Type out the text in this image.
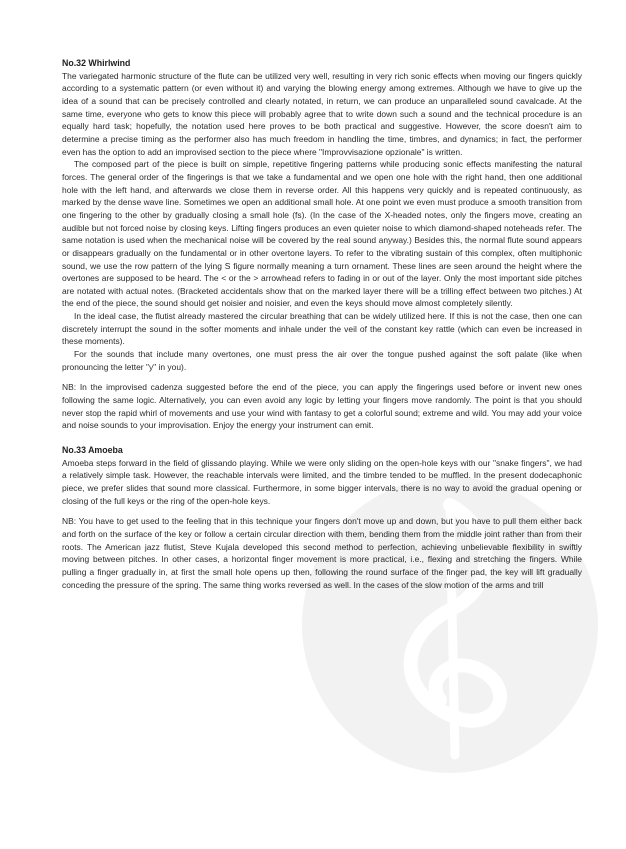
No.32 Whirlwind

The variegated harmonic structure of the flute can be utilized very well, resulting in very rich sonic effects when moving our fingers quickly according to a systematic pattern (or even without it) and varying the blowing energy among extremes. Although we have to give up the idea of a sound that can be precisely controlled and clearly notated, in return, we can produce an unparalleled sound cavalcade. At the same time, everyone who gets to know this piece will probably agree that to write down such a sound and the technical procedure is an equally hard task; hopefully, the notation used here proves to be both practical and suggestive. However, the score doesn't aim to determine a precise timing as the performer also has much freedom in handling the time, timbres, and dynamics; in fact, the performer even has the option to add an improvised section to the piece where "Improvvisazione opzionale" is written.

The composed part of the piece is built on simple, repetitive fingering patterns while producing sonic effects manifesting the natural forces. The general order of the fingerings is that we take a fundamental and we open one hole with the right hand, then one additional hole with the left hand, and afterwards we close them in reverse order. All this happens very quickly and is repeated continuously, as marked by the dense wave line. Sometimes we open an additional small hole. At one point we even must produce a smooth transition from one fingering to the other by gradually closing a small hole (fs). (In the case of the X-headed notes, only the fingers move, creating an audible but not forced noise by closing keys. Lifting fingers produces an even quieter noise to which diamond-shaped noteheads refer. The same notation is used when the mechanical noise will be covered by the real sound anyway.) Besides this, the normal flute sound appears or disappears gradually on the fundamental or in other overtone layers. To refer to the vibrating sustain of this complex, often multiphonic sound, we use the row pattern of the lying S figure normally meaning a turn ornament. These lines are seen around the height where the overtones are supposed to be heard. The < or the > arrowhead refers to fading in or out of the layer. Only the most important side pitches are notated with actual notes. (Bracketed accidentals show that on the marked layer there will be a trilling effect between two pitches.) At the end of the piece, the sound should get noisier and noisier, and even the keys should move almost completely silently.

In the ideal case, the flutist already mastered the circular breathing that can be widely utilized here. If this is not the case, then one can discretely interrupt the sound in the softer moments and inhale under the veil of the constant key rattle (which can even be increased in these moments).

For the sounds that include many overtones, one must press the air over the tongue pushed against the soft palate (like when pronouncing the letter "y" in you).

NB: In the improvised cadenza suggested before the end of the piece, you can apply the fingerings used before or invent new ones following the same logic. Alternatively, you can even avoid any logic by letting your fingers move randomly. The point is that you should never stop the rapid whirl of movements and use your wind with fantasy to get a colorful sound; extreme and wild. You may add your voice and noise sounds to your improvisation. Enjoy the energy your instrument can emit.

No.33 Amoeba

Amoeba steps forward in the field of glissando playing. While we were only sliding on the open-hole keys with our "snake fingers", we had a relatively simple task. However, the reachable intervals were limited, and the timbre tended to be muffled. In the present dodecaphonic piece, we prefer slides that sound more classical. Furthermore, in some bigger intervals, there is no way to avoid the gradual opening or closing of the full keys or the ring of the open-hole keys.

NB: You have to get used to the feeling that in this technique your fingers don't move up and down, but you have to pull them either back and forth on the surface of the key or follow a certain circular direction with them, bending them from the middle joint rather than from their roots. The American jazz flutist, Steve Kujala developed this second method to perfection, achieving unbelievable flexibility in swiftly moving between pitches. In other cases, a horizontal finger movement is more practical, i.e., flexing and stretching the fingers. While pulling a finger gradually in, at first the small hole opens up then, following the round surface of the finger pad, the key will lift gradually conceding the pressure of the spring. The same thing works reversed as well. In the cases of the slow motion of the arms and trill
